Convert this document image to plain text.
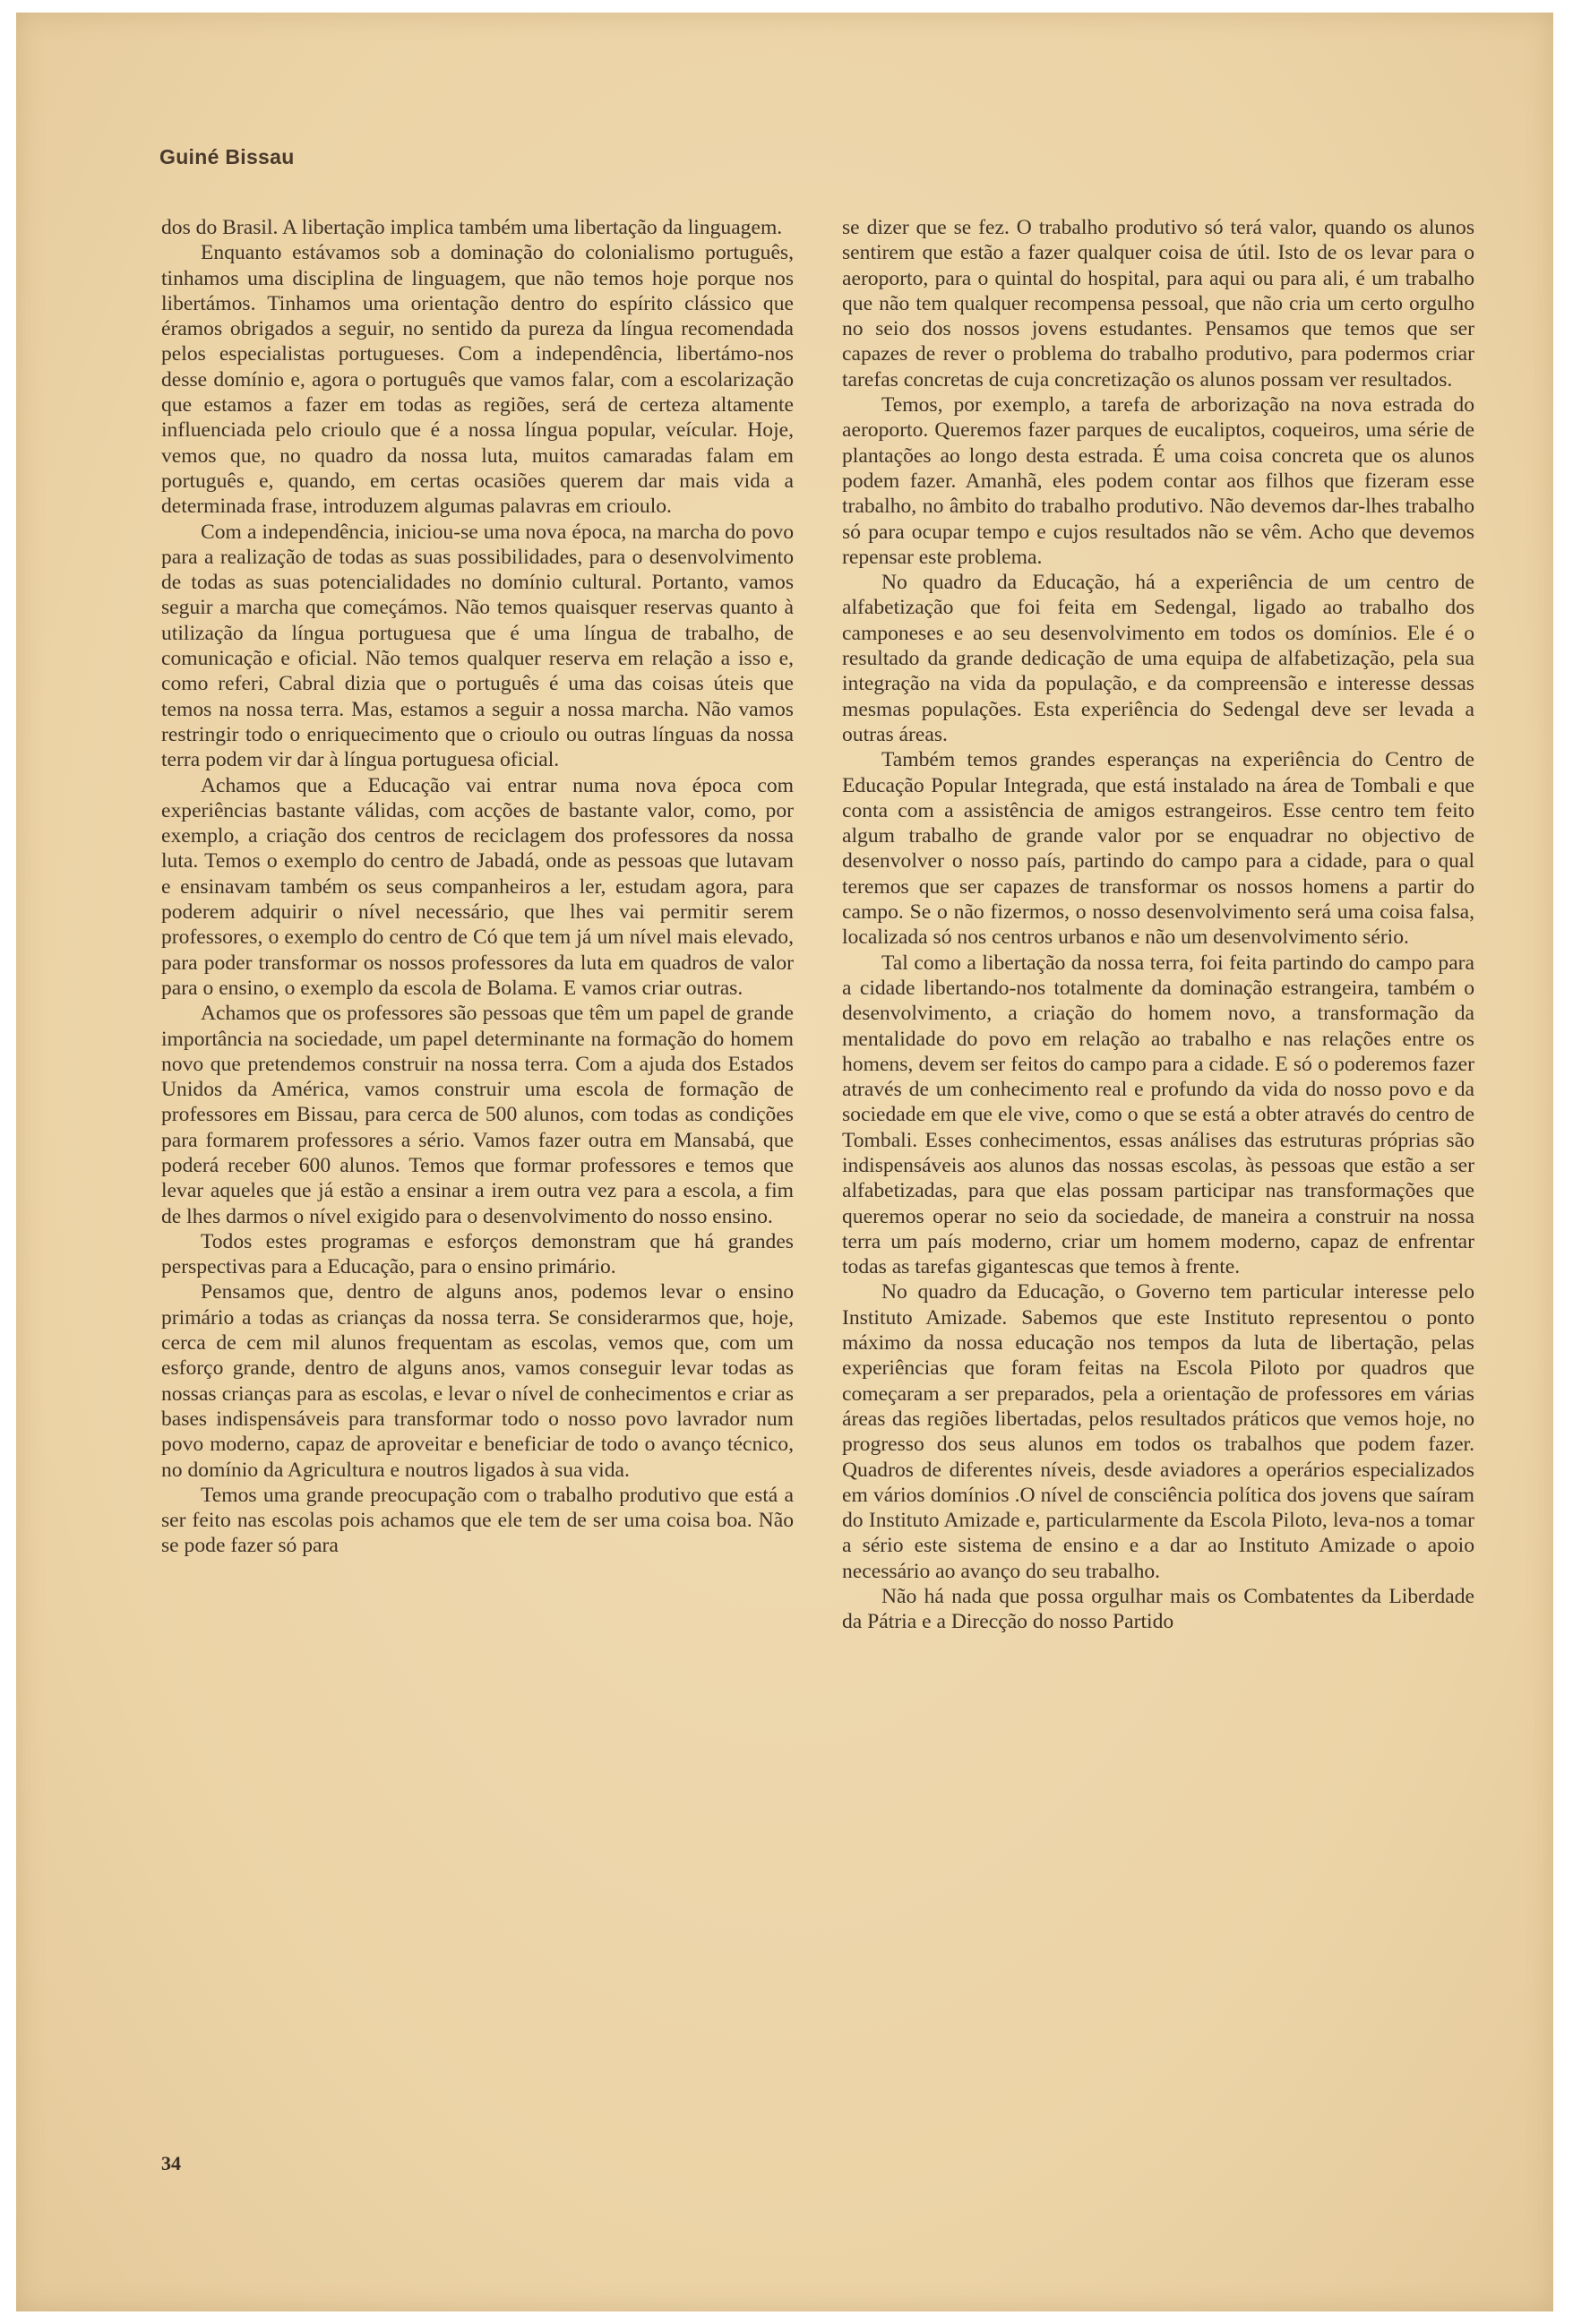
Guiné Bissau

dos do Brasil. A libertação implica também uma libertação da linguagem.

Enquanto estávamos sob a dominação do colonialismo português, tinhamos uma disciplina de linguagem, que não temos hoje porque nos libertámos. Tinhamos uma orientação dentro do espírito clássico que éramos obrigados a seguir, no sentido da pureza da língua recomendada pelos especialistas portugueses. Com a independência, libertámo-nos desse domínio e, agora o português que vamos falar, com a escolarização que estamos a fazer em todas as regiões, será de certeza altamente influenciada pelo crioulo que é a nossa língua popular, veícular. Hoje, vemos que, no quadro da nossa luta, muitos camaradas falam em português e, quando, em certas ocasiões querem dar mais vida a determinada frase, introduzem algumas palavras em crioulo.

Com a independência, iniciou-se uma nova época, na marcha do povo para a realização de todas as suas possibilidades, para o desenvolvimento de todas as suas potencialidades no domínio cultural. Portanto, vamos seguir a marcha que começámos. Não temos quaisquer reservas quanto à utilização da língua portuguesa que é uma língua de trabalho, de comunicação e oficial. Não temos qualquer reserva em relação a isso e, como referi, Cabral dizia que o português é uma das coisas úteis que temos na nossa terra. Mas, estamos a seguir a nossa marcha. Não vamos restringir todo o enriquecimento que o crioulo ou outras línguas da nossa terra podem vir dar à língua portuguesa oficial.

Achamos que a Educação vai entrar numa nova época com experiências bastante válidas, com acções de bastante valor, como, por exemplo, a criação dos centros de reciclagem dos professores da nossa luta. Temos o exemplo do centro de Jabadá, onde as pessoas que lutavam e ensinavam também os seus companheiros a ler, estudam agora, para poderem adquirir o nível necessário, que lhes vai permitir serem professores, o exemplo do centro de Có que tem já um nível mais elevado, para poder transformar os nossos professores da luta em quadros de valor para o ensino, o exemplo da escola de Bolama. E vamos criar outras.

Achamos que os professores são pessoas que têm um papel de grande importância na sociedade, um papel determinante na formação do homem novo que pretendemos construir na nossa terra. Com a ajuda dos Estados Unidos da América, vamos construir uma escola de formação de professores em Bissau, para cerca de 500 alunos, com todas as condições para formarem professores a sério. Vamos fazer outra em Mansabá, que poderá receber 600 alunos. Temos que formar professores e temos que levar aqueles que já estão a ensinar a irem outra vez para a escola, a fim de lhes darmos o nível exigido para o desenvolvimento do nosso ensino.

Todos estes programas e esforços demonstram que há grandes perspectivas para a Educação, para o ensino primário.

Pensamos que, dentro de alguns anos, podemos levar o ensino primário a todas as crianças da nossa terra. Se considerarmos que, hoje, cerca de cem mil alunos frequentam as escolas, vemos que, com um esforço grande, dentro de alguns anos, vamos conseguir levar todas as nossas crianças para as escolas, e levar o nível de conhecimentos e criar as bases indispensáveis para transformar todo o nosso povo lavrador num povo moderno, capaz de aproveitar e beneficiar de todo o avanço técnico, no domínio da Agricultura e noutros ligados à sua vida.

Temos uma grande preocupação com o trabalho produtivo que está a ser feito nas escolas pois achamos que ele tem de ser uma coisa boa. Não se pode fazer só para

se dizer que se fez. O trabalho produtivo só terá valor, quando os alunos sentirem que estão a fazer qualquer coisa de útil. Isto de os levar para o aeroporto, para o quintal do hospital, para aqui ou para ali, é um trabalho que não tem qualquer recompensa pessoal, que não cria um certo orgulho no seio dos nossos jovens estudantes. Pensamos que temos que ser capazes de rever o problema do trabalho produtivo, para podermos criar tarefas concretas de cuja concretização os alunos possam ver resultados.

Temos, por exemplo, a tarefa de arborização na nova estrada do aeroporto. Queremos fazer parques de eucaliptos, coqueiros, uma série de plantações ao longo desta estrada. É uma coisa concreta que os alunos podem fazer. Amanhã, eles podem contar aos filhos que fizeram esse trabalho, no âmbito do trabalho produtivo. Não devemos dar-lhes trabalho só para ocupar tempo e cujos resultados não se vêm. Acho que devemos repensar este problema.

No quadro da Educação, há a experiência de um centro de alfabetização que foi feita em Sedengal, ligado ao trabalho dos camponeses e ao seu desenvolvimento em todos os domínios. Ele é o resultado da grande dedicação de uma equipa de alfabetização, pela sua integração na vida da população, e da compreensão e interesse dessas mesmas populações. Esta experiência do Sedengal deve ser levada a outras áreas.

Também temos grandes esperanças na experiência do Centro de Educação Popular Integrada, que está instalado na área de Tombali e que conta com a assistência de amigos estrangeiros. Esse centro tem feito algum trabalho de grande valor por se enquadrar no objectivo de desenvolver o nosso país, partindo do campo para a cidade, para o qual teremos que ser capazes de transformar os nossos homens a partir do campo. Se o não fizermos, o nosso desenvolvimento será uma coisa falsa, localizada só nos centros urbanos e não um desenvolvimento sério.

Tal como a libertação da nossa terra, foi feita partindo do campo para a cidade libertando-nos totalmente da dominação estrangeira, também o desenvolvimento, a criação do homem novo, a transformação da mentalidade do povo em relação ao trabalho e nas relações entre os homens, devem ser feitos do campo para a cidade. E só o poderemos fazer através de um conhecimento real e profundo da vida do nosso povo e da sociedade em que ele vive, como o que se está a obter através do centro de Tombali. Esses conhecimentos, essas análises das estruturas próprias são indispensáveis aos alunos das nossas escolas, às pessoas que estão a ser alfabetizadas, para que elas possam participar nas transformações que queremos operar no seio da sociedade, de maneira a construir na nossa terra um país moderno, criar um homem moderno, capaz de enfrentar todas as tarefas gigantescas que temos à frente.

No quadro da Educação, o Governo tem particular interesse pelo Instituto Amizade. Sabemos que este Instituto representou o ponto máximo da nossa educação nos tempos da luta de libertação, pelas experiências que foram feitas na Escola Piloto por quadros que começaram a ser preparados, pela a orientação de professores em várias áreas das regiões libertadas, pelos resultados práticos que vemos hoje, no progresso dos seus alunos em todos os trabalhos que podem fazer. Quadros de diferentes níveis, desde aviadores a operários especializados em vários domínios .O nível de consciência política dos jovens que saíram do Instituto Amizade e, particularmente da Escola Piloto, leva-nos a tomar a sério este sistema de ensino e a dar ao Instituto Amizade o apoio necessário ao avanço do seu trabalho.

Não há nada que possa orgulhar mais os Combatentes da Liberdade da Pátria e a Direcção do nosso Partido

34
